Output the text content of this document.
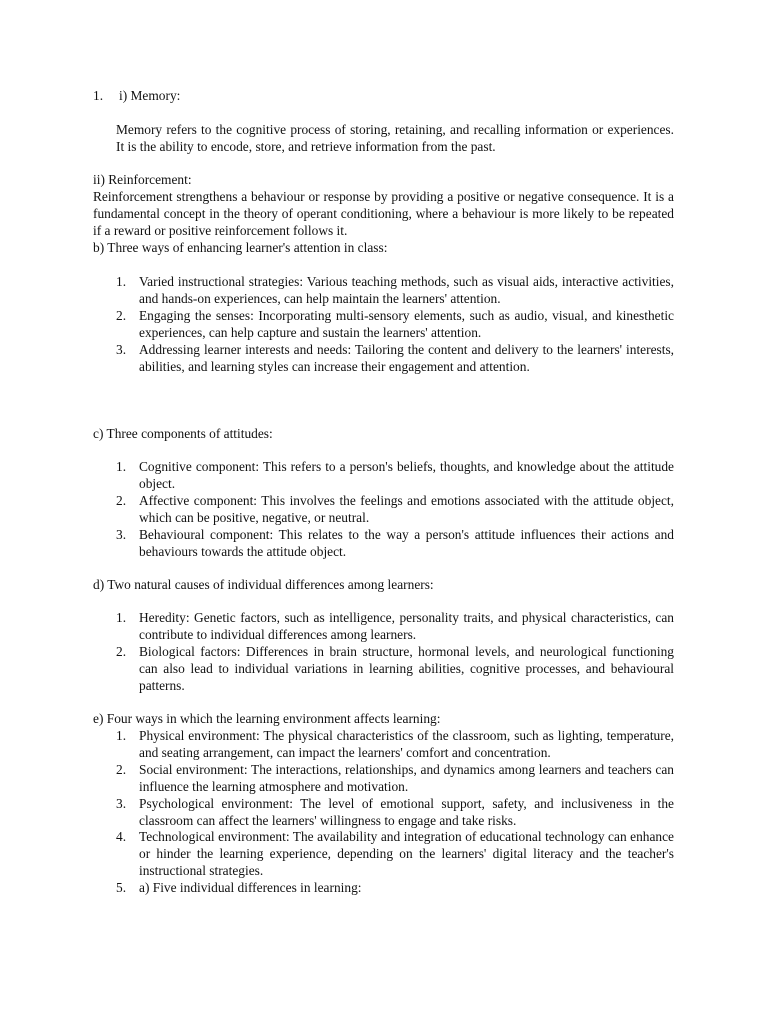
1. i) Memory:
Memory refers to the cognitive process of storing, retaining, and recalling information or experiences. It is the ability to encode, store, and retrieve information from the past.
ii) Reinforcement:
Reinforcement strengthens a behaviour or response by providing a positive or negative consequence. It is a fundamental concept in the theory of operant conditioning, where a behaviour is more likely to be repeated if a reward or positive reinforcement follows it.
b) Three ways of enhancing learner's attention in class:
1. Varied instructional strategies: Various teaching methods, such as visual aids, interactive activities, and hands-on experiences, can help maintain the learners' attention.
2. Engaging the senses: Incorporating multi-sensory elements, such as audio, visual, and kinesthetic experiences, can help capture and sustain the learners' attention.
3. Addressing learner interests and needs: Tailoring the content and delivery to the learners' interests, abilities, and learning styles can increase their engagement and attention.
c) Three components of attitudes:
1. Cognitive component: This refers to a person's beliefs, thoughts, and knowledge about the attitude object.
2. Affective component: This involves the feelings and emotions associated with the attitude object, which can be positive, negative, or neutral.
3. Behavioural component: This relates to the way a person's attitude influences their actions and behaviours towards the attitude object.
d) Two natural causes of individual differences among learners:
1. Heredity: Genetic factors, such as intelligence, personality traits, and physical characteristics, can contribute to individual differences among learners.
2. Biological factors: Differences in brain structure, hormonal levels, and neurological functioning can also lead to individual variations in learning abilities, cognitive processes, and behavioural patterns.
e) Four ways in which the learning environment affects learning:
1. Physical environment: The physical characteristics of the classroom, such as lighting, temperature, and seating arrangement, can impact the learners' comfort and concentration.
2. Social environment: The interactions, relationships, and dynamics among learners and teachers can influence the learning atmosphere and motivation.
3. Psychological environment: The level of emotional support, safety, and inclusiveness in the classroom can affect the learners' willingness to engage and take risks.
4. Technological environment: The availability and integration of educational technology can enhance or hinder the learning experience, depending on the learners' digital literacy and the teacher's instructional strategies.
5. a) Five individual differences in learning:
